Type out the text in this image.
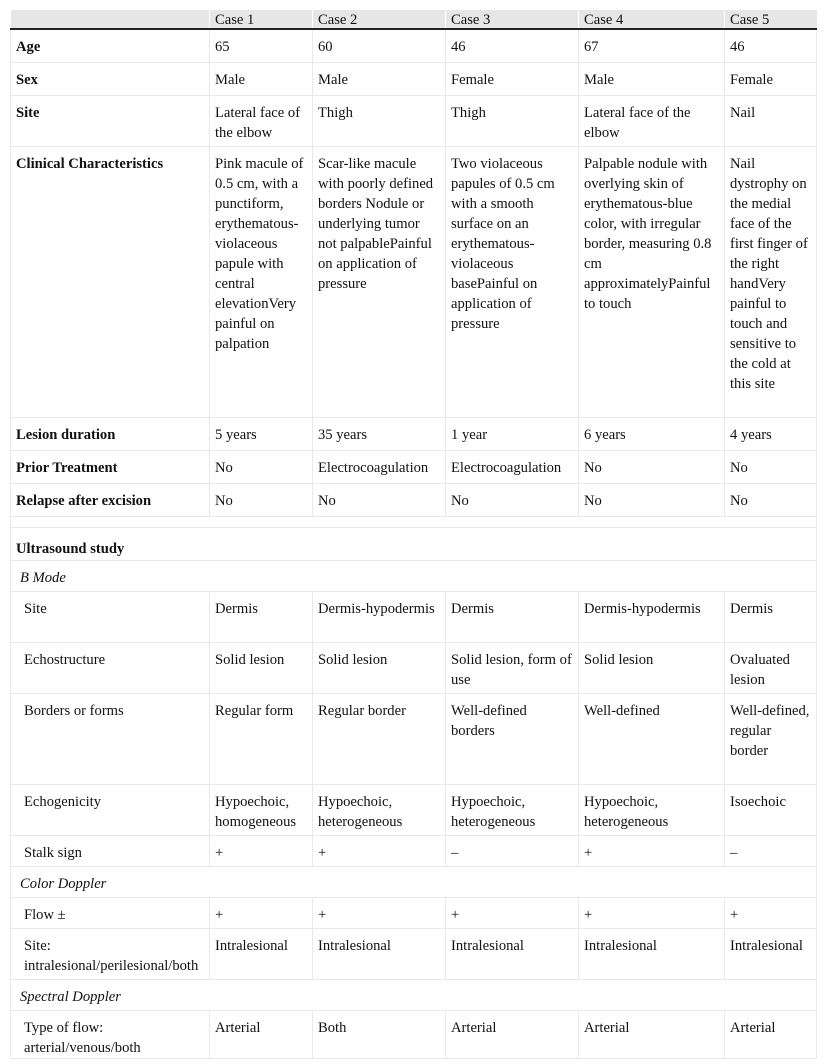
	Case 1	Case 2	Case 3	Case 4	Case 5
Age	65	60	46	67	46
Sex	Male	Male	Female	Male	Female
Site	Lateral face of the elbow	Thigh	Thigh	Lateral face of the elbow	Nail
Clinical Characteristics	Pink macule of 0.5 cm, with a punctiform, erythematous-violaceous papule with central elevationVery painful on palpation	Scar-like macule with poorly defined borders Nodule or underlying tumor not palpablePainful on application of pressure	Two violaceous papules of 0.5 cm with a smooth surface on an erythematous-violaceous basePainful on application of pressure	Palpable nodule with overlying skin of erythematous-blue color, with irregular border, measuring 0.8 cm approximatelyPainful to touch	Nail dystrophy on the medial face of the first finger of the right handVery painful to touch and sensitive to the cold at this site
Lesion duration	5 years	35 years	1 year	6 years	4 years
Prior Treatment	No	Electrocoagulation	Electrocoagulation	No	No
Relapse after excision	No	No	No	No	No

Ultrasound study					
B Mode					
Site	Dermis	Dermis-hypodermis	Dermis	Dermis-hypodermis	Dermis
Echostructure	Solid lesion	Solid lesion	Solid lesion, form of use	Solid lesion	Ovaluated lesion
Borders or forms	Regular form	Regular border	Well-defined borders	Well-defined	Well-defined, regular border
Echogenicity	Hypoechoic, homogeneous	Hypoechoic, heterogeneous	Hypoechoic, heterogeneous	Hypoechoic, heterogeneous	Isoechoic
Stalk sign	+	+	–	+	–
Color Doppler					
Flow ±	+	+	+	+	+
Site: intralesional/perilesional/both	Intralesional	Intralesional	Intralesional	Intralesional	Intralesional
Spectral Doppler					
Type of flow: arterial/venous/both	Arterial	Both	Arterial	Arterial	Arterial
